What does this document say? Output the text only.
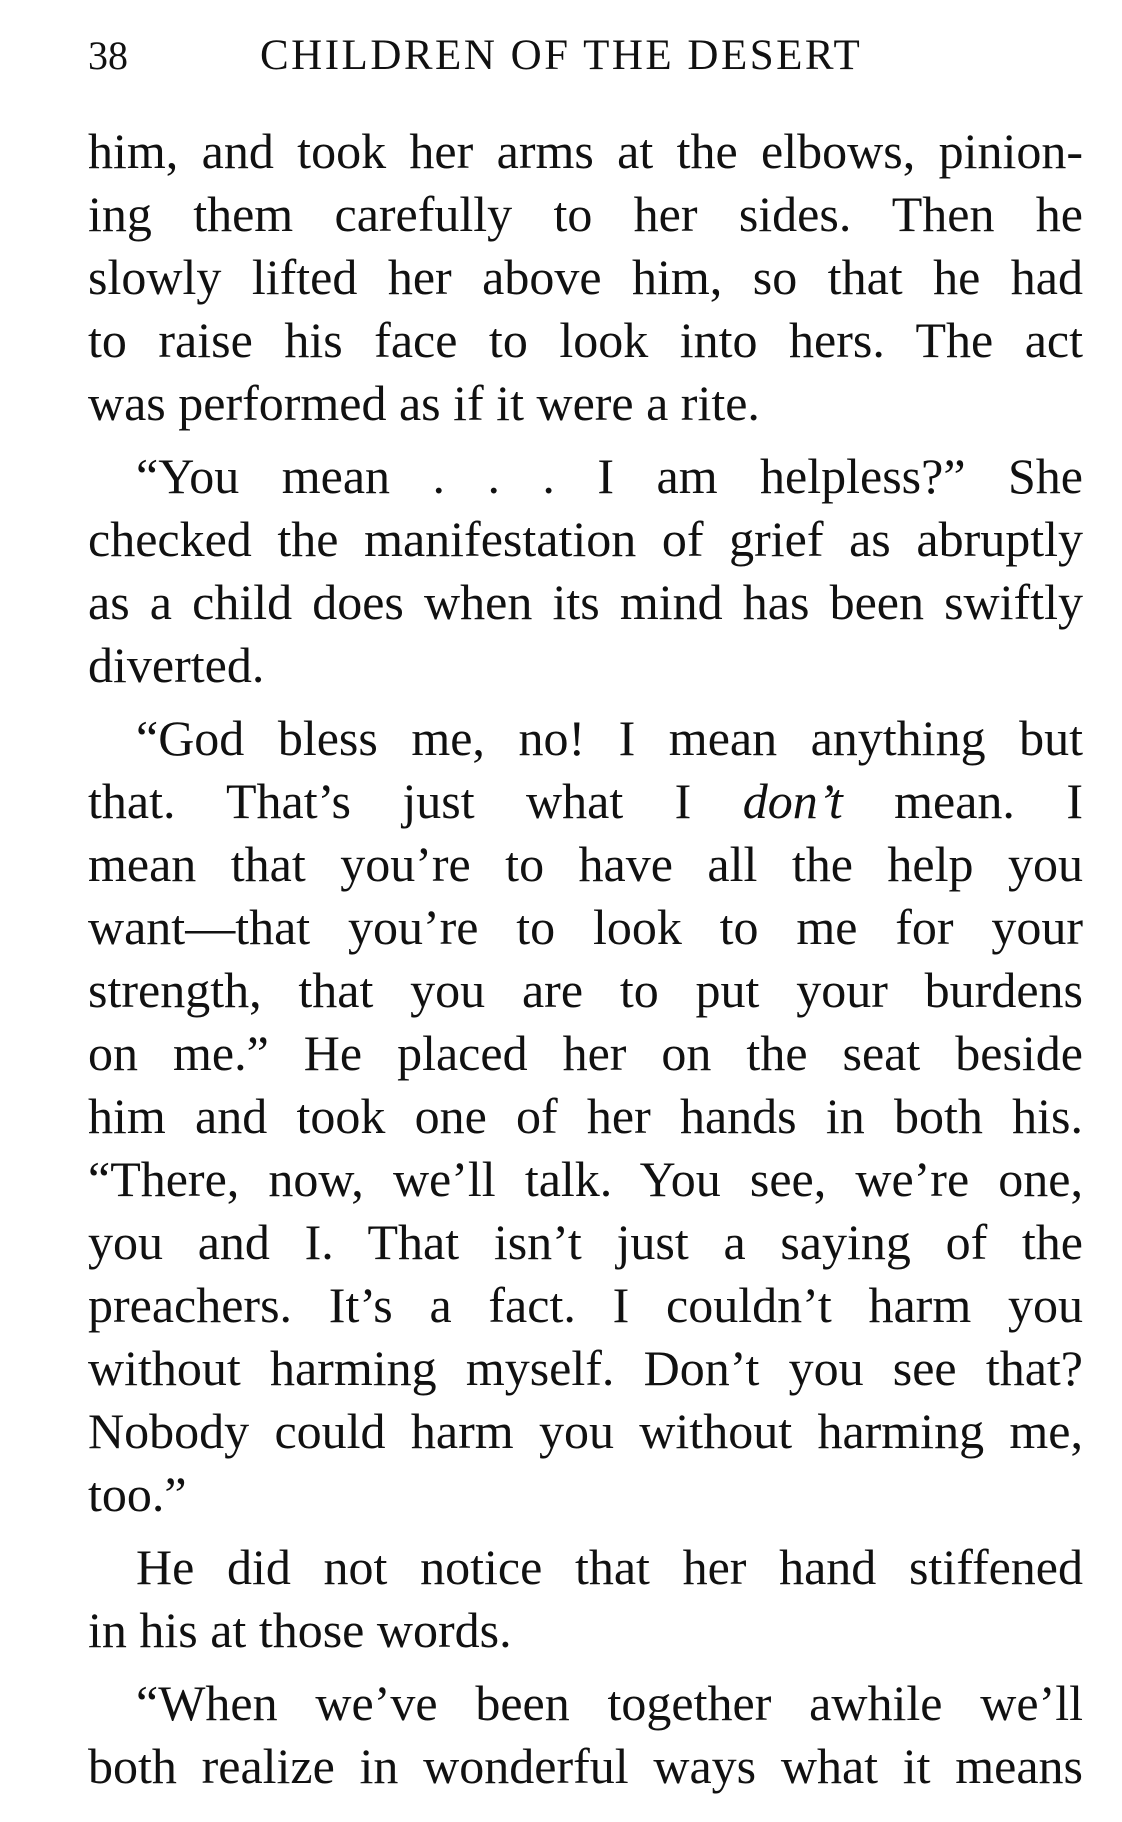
38	CHILDREN OF THE DESERT
him, and took her arms at the elbows, pinion-
ing them carefully to her sides. Then he
slowly lifted her above him, so that he had
to raise his face to look into hers. The act
was performed as if it were a rite.
“You mean . . . I am helpless?” She
checked the manifestation of grief as abruptly
as a child does when its mind has been swiftly
diverted.
“God bless me, no! I mean anything but
that. That’s just what I don’t mean. I
mean that you’re to have all the help you
want—that you’re to look to me for your
strength, that you are to put your burdens
on me.” He placed her on the seat beside
him and took one of her hands in both his.
“There, now, we’ll talk. You see, we’re one,
you and I. That isn’t just a saying of the
preachers. It’s a fact. I couldn’t harm you
without harming myself. Don’t you see that?
Nobody could harm you without harming me,
too.”
He did not notice that her hand stiffened
in his at those words.
“When we’ve been together awhile we’ll
both realize in wonderful ways what it means
